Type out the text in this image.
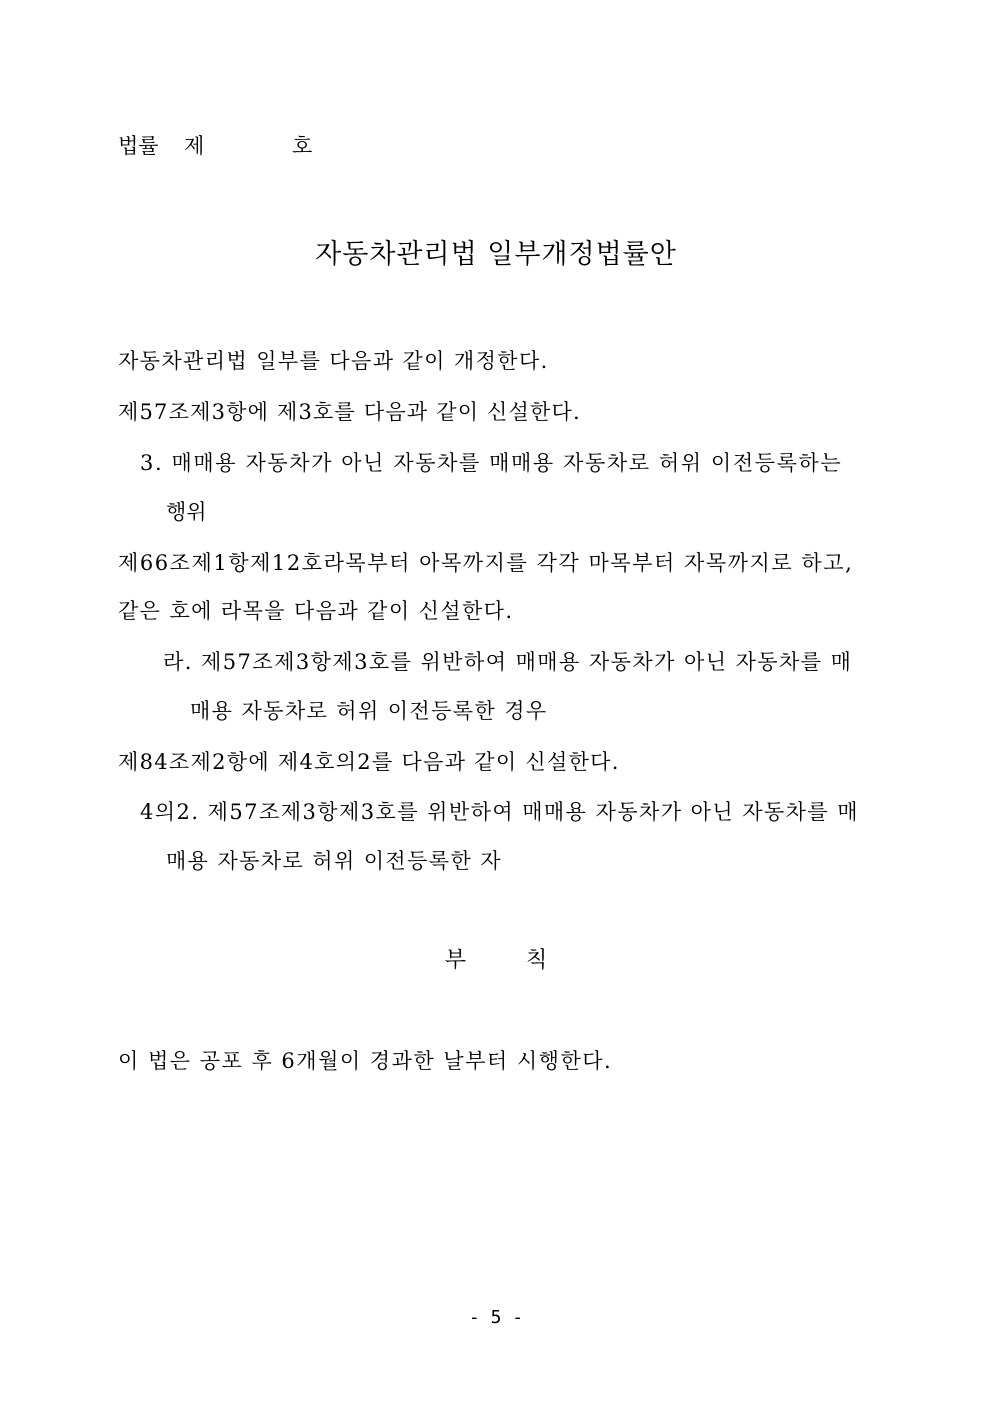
법률 제	호
자동차관리법 일부개정법률안
자동차관리법 일부를 다음과 같이 개정한다.
제57조제3항에 제3호를 다음과 같이 신설한다.
3. 매매용 자동차가 아닌 자동차를 매매용 자동차로 허위 이전등록하는
행위
제66조제1항제12호라목부터 아목까지를 각각 마목부터 자목까지로 하고,
같은 호에 라목을 다음과 같이 신설한다.
라. 제57조제3항제3호를 위반하여 매매용 자동차가 아닌 자동차를 매
매용 자동차로 허위 이전등록한 경우
제84조제2항에 제4호의2를 다음과 같이 신설한다.
4의2. 제57조제3항제3호를 위반하여 매매용 자동차가 아닌 자동차를 매
매용 자동차로 허위 이전등록한 자
부칙
이 법은 공포 후 6개월이 경과한 날부터 시행한다.
- 5 -
